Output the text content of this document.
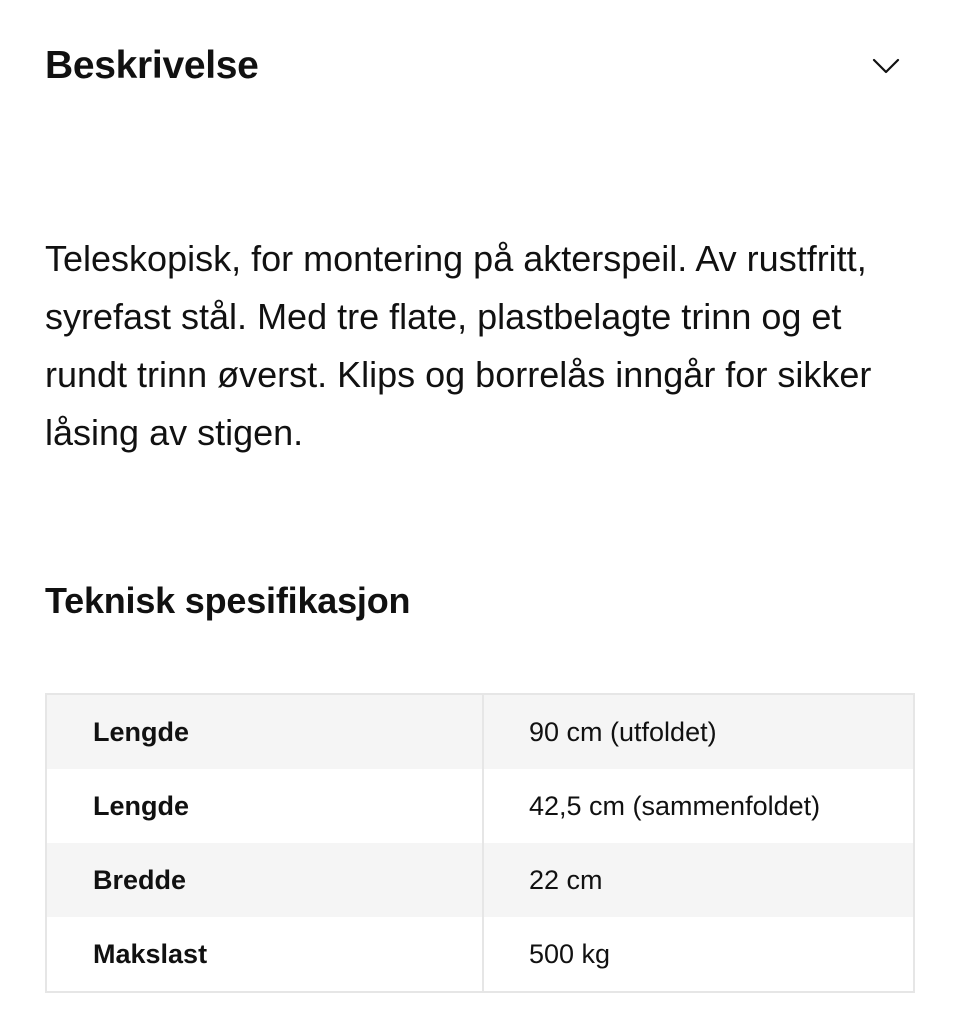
Beskrivelse

Teleskopisk, for montering på akterspeil. Av rustfritt, syrefast stål. Med tre flate, plastbelagte trinn og et rundt trinn øverst. Klips og borrelås inngår for sikker låsing av stigen.

Teknisk spesifikasjon
Lengde	90 cm (utfoldet)
Lengde	42,5 cm (sammenfoldet)
Bredde	22 cm
Makslast	500 kg
